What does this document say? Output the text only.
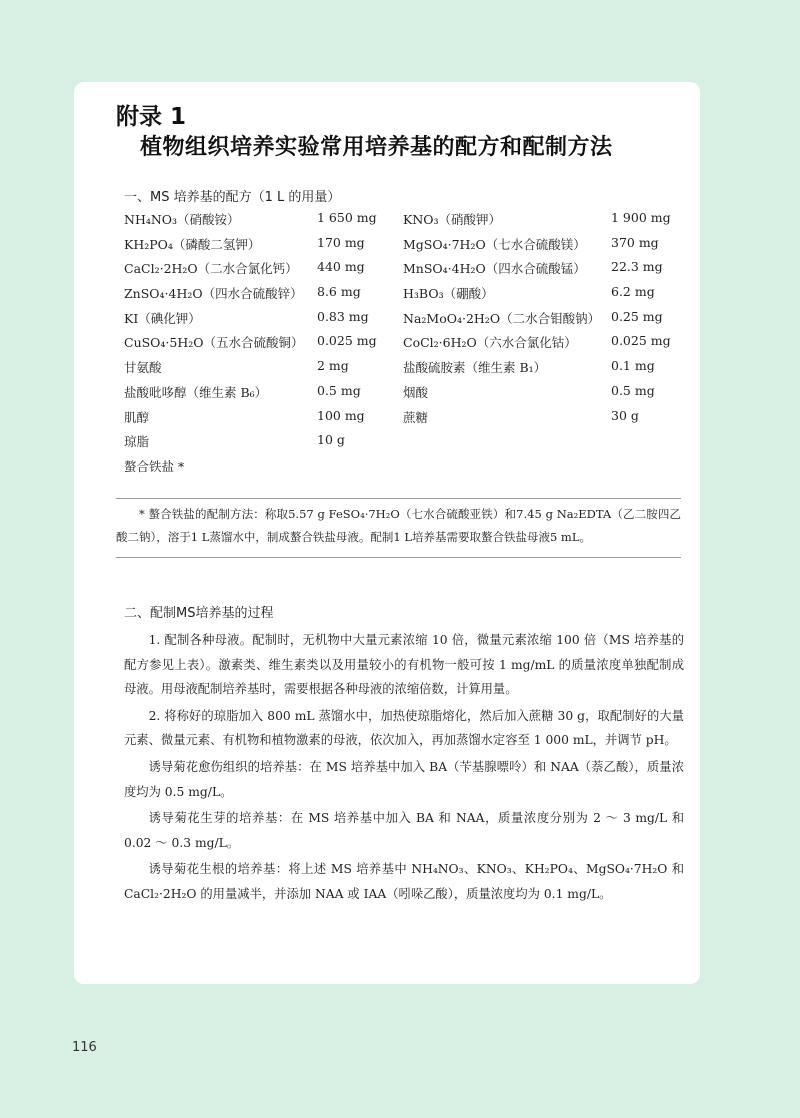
附录 1
植物组织培养实验常用培养基的配方和配制方法
一、MS 培养基的配方（1 L 的用量）
NH₄NO₃（硝酸铵）	1 650 mg KNO₃（硝酸钾）	1 900 mg
KH₂PO₄（磷酸二氢钾）	170 mg	MgSO₄·7H₂O（七水合硫酸镁） 370 mg
CaCl₂·2H₂O（二水合氯化钙） 440 mg	MnSO₄·4H₂O（四水合硫酸锰） 22.3 mg
ZnSO₄·4H₂O（四水合硫酸锌） 8.6 mg	H₃BO₃（硼酸）	6.2 mg
KI（碘化钾）	0.83 mg	Na₂MoO₄·2H₂O（二水合钼酸钠） 0.25 mg
CuSO₄·5H₂O（五水合硫酸铜） 0.025 mg CoCl₂·6H₂O（六水合氯化钴）	0.025 mg
甘氨酸	2 mg	盐酸硫胺素（维生素 B₁）	0.1 mg
盐酸吡哆醇（维生素 B₆）	0.5 mg	烟酸	0.5 mg
肌醇	100 mg	蔗糖	30 g
琼脂	10 g
螯合铁盐 *

* 螯合铁盐的配制方法：称取5.57 g FeSO₄·7H₂O（七水合硫酸亚铁）和7.45 g Na₂EDTA（乙二胺四乙酸二钠），溶于1 L蒸馏水中，制成螯合铁盐母液。配制1 L培养基需要取螯合铁盐母液5 mL。

二、配制MS培养基的过程

1. 配制各种母液。配制时，无机物中大量元素浓缩 10 倍，微量元素浓缩 100 倍（MS 培养基的配方参见上表）。激素类、维生素类以及用量较小的有机物一般可按 1 mg/mL 的质量浓度单独配制成母液。用母液配制培养基时，需要根据各种母液的浓缩倍数，计算用量。

2. 将称好的琼脂加入 800 mL 蒸馏水中，加热使琼脂熔化，然后加入蔗糖 30 g，取配制好的大量元素、微量元素、有机物和植物激素的母液，依次加入，再加蒸馏水定容至 1 000 mL，并调节 pH。

诱导菊花愈伤组织的培养基：在 MS 培养基中加入 BA（苄基腺嘌呤）和 NAA（萘乙酸），质量浓度均为 0.5 mg/L。

诱导菊花生芽的培养基：在 MS 培养基中加入 BA 和 NAA，质量浓度分别为 2 ～ 3 mg/L 和 0.02 ～ 0.3 mg/L。

诱导菊花生根的培养基：将上述 MS 培养基中 NH₄NO₃、KNO₃、KH₂PO₄、MgSO₄·7H₂O 和 CaCl₂·2H₂O 的用量减半，并添加 NAA 或 IAA（吲哚乙酸），质量浓度均为 0.1 mg/L。

116
